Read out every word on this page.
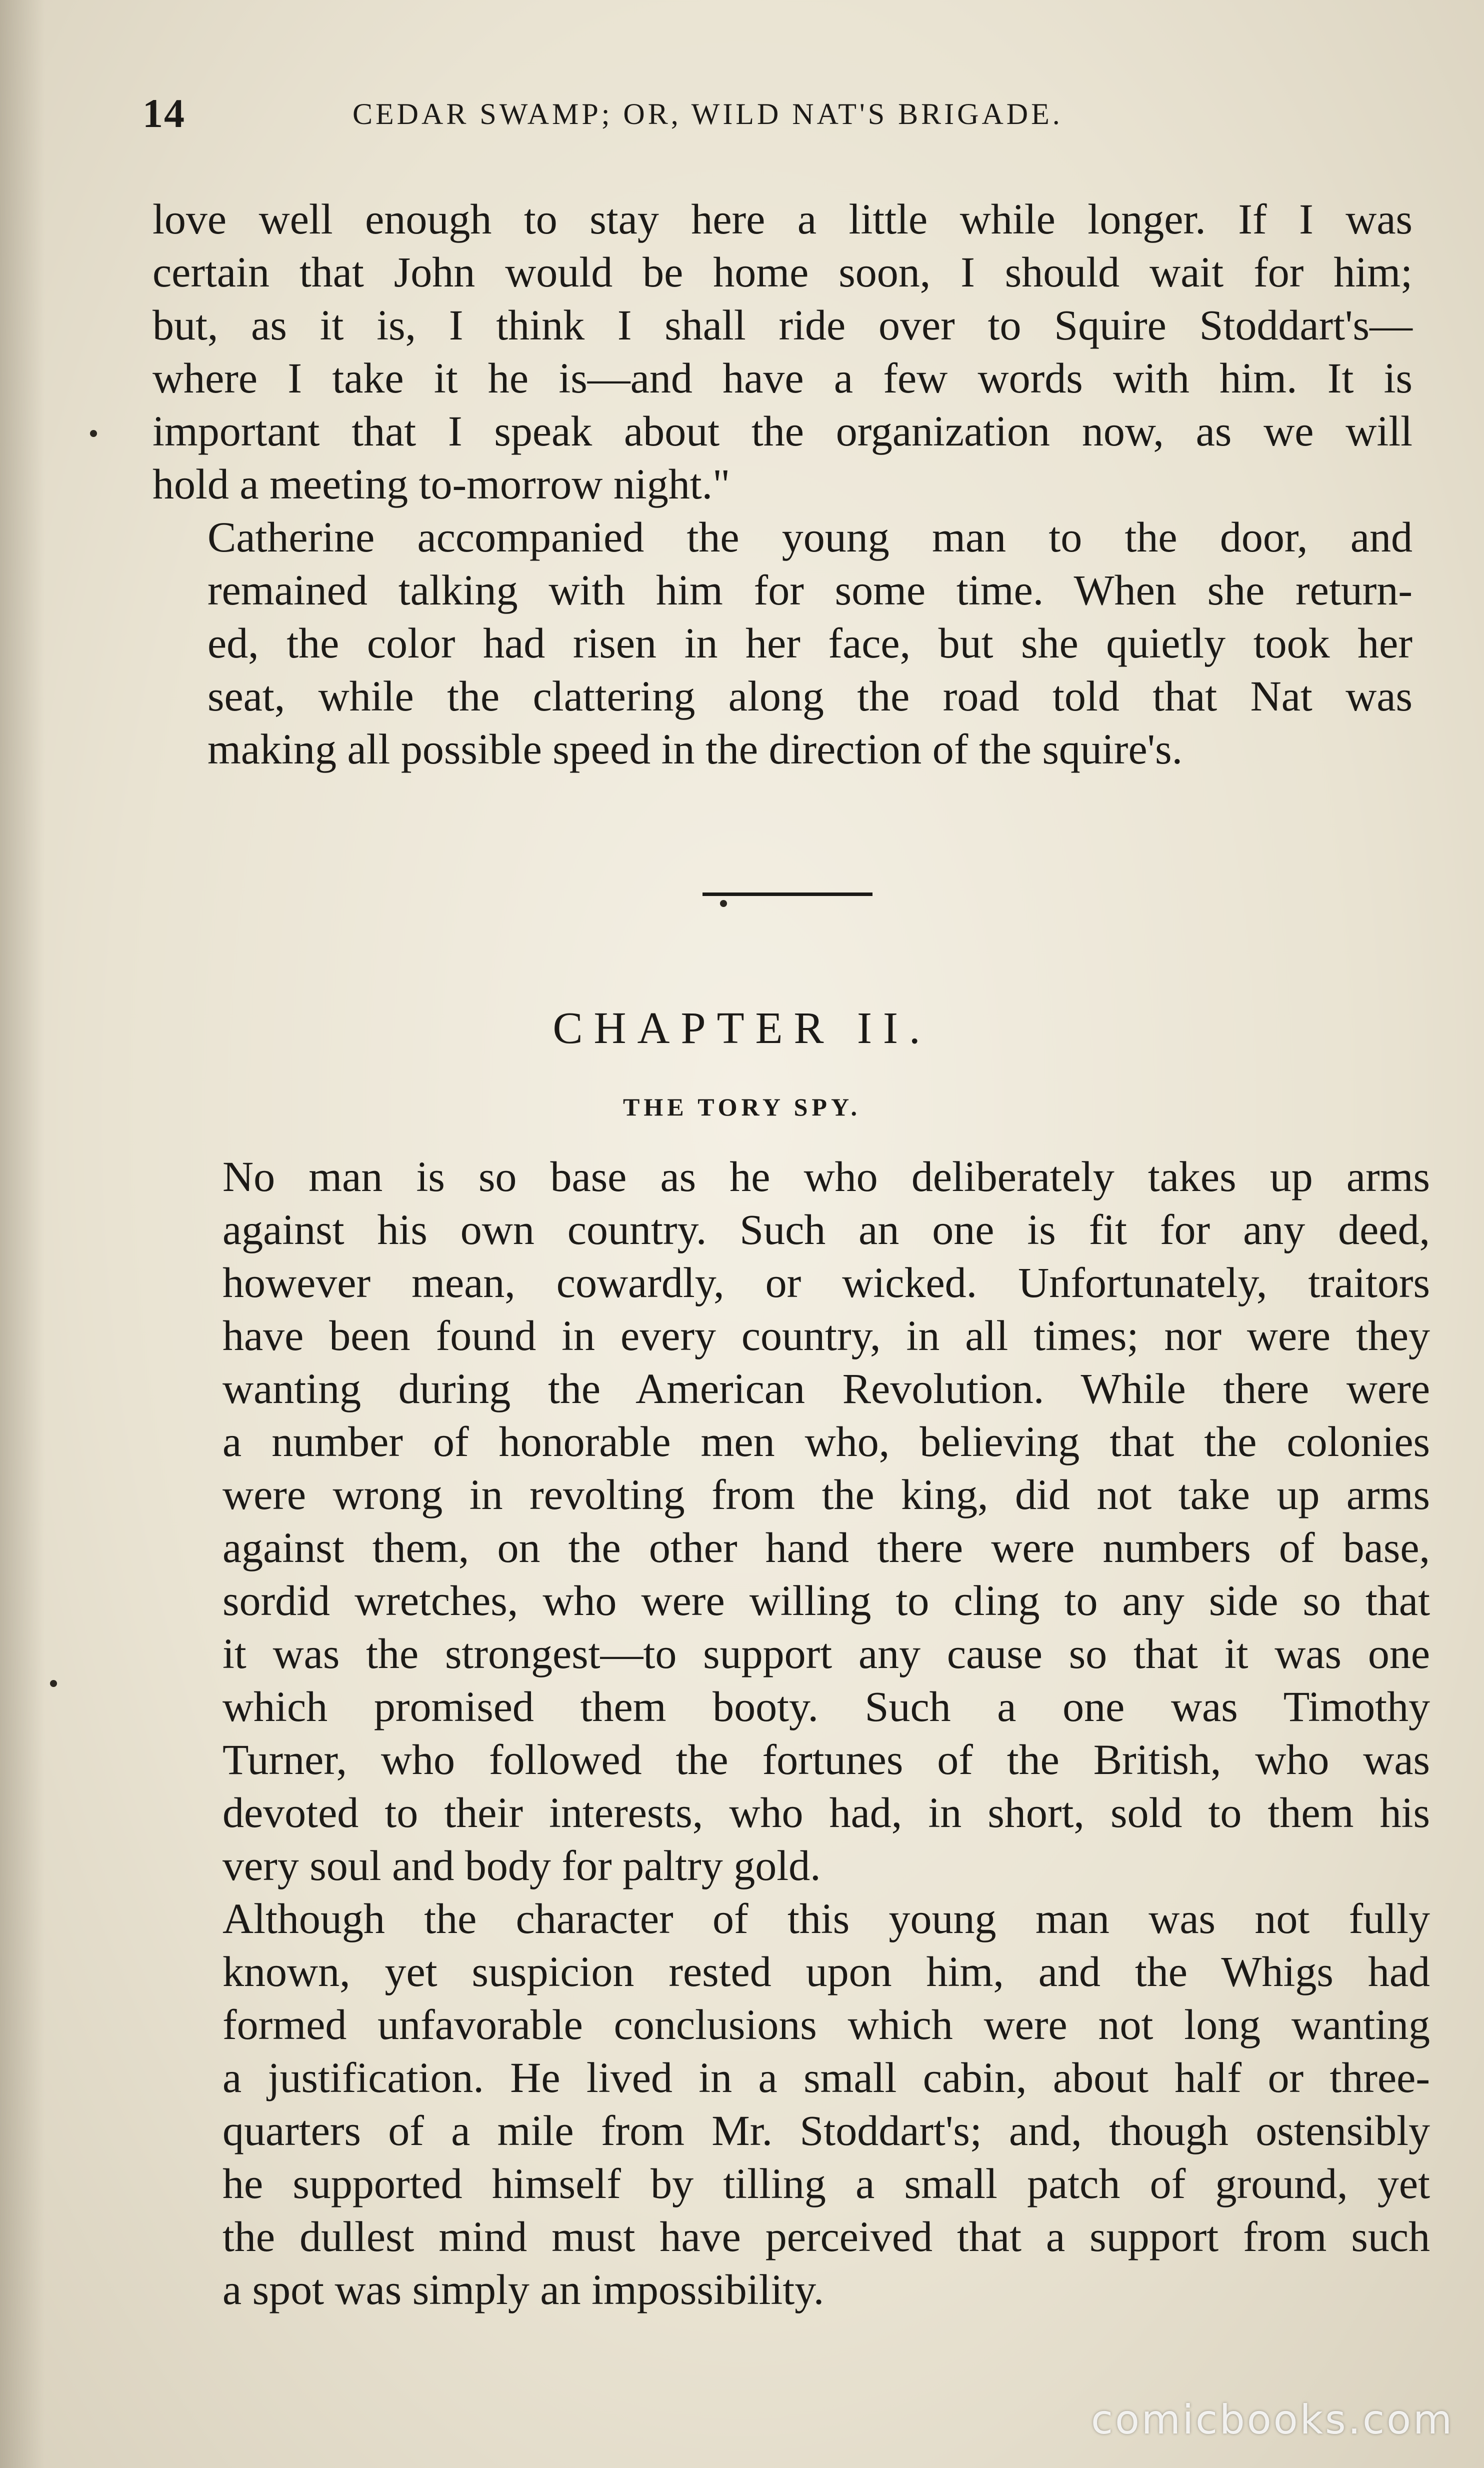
14	CEDAR SWAMP; OR, WILD NAT'S BRIGADE.

love well enough to stay here a little while longer. If I was
certain that John would be home soon, I should wait for him;
but, as it is, I think I shall ride over to Squire Stoddart's—
where I take it he is—and have a few words with him. It is
important that I speak about the organization now, as we will
hold a meeting to-morrow night."

Catherine accompanied the young man to the door, and
remained talking with him for some time. When she return-
ed, the color had risen in her face, but she quietly took her
seat, while the clattering along the road told that Nat was
making all possible speed in the direction of the squire's.

CHAPTER II.
THE TORY SPY.

No man is so base as he who deliberately takes up arms
against his own country. Such an one is fit for any deed,
however mean, cowardly, or wicked. Unfortunately, traitors
have been found in every country, in all times; nor were they
wanting during the American Revolution. While there were
a number of honorable men who, believing that the colonies
were wrong in revolting from the king, did not take up arms
against them, on the other hand there were numbers of base,
sordid wretches, who were willing to cling to any side so that
it was the strongest—to support any cause so that it was one
which promised them booty. Such a one was Timothy
Turner, who followed the fortunes of the British, who was
devoted to their interests, who had, in short, sold to them his
very soul and body for paltry gold.

Although the character of this young man was not fully
known, yet suspicion rested upon him, and the Whigs had
formed unfavorable conclusions which were not long wanting
a justification. He lived in a small cabin, about half or three-
quarters of a mile from Mr. Stoddart's; and, though ostensibly
he supported himself by tilling a small patch of ground, yet
the dullest mind must have perceived that a support from such
a spot was simply an impossibility.

comicbooks.com
